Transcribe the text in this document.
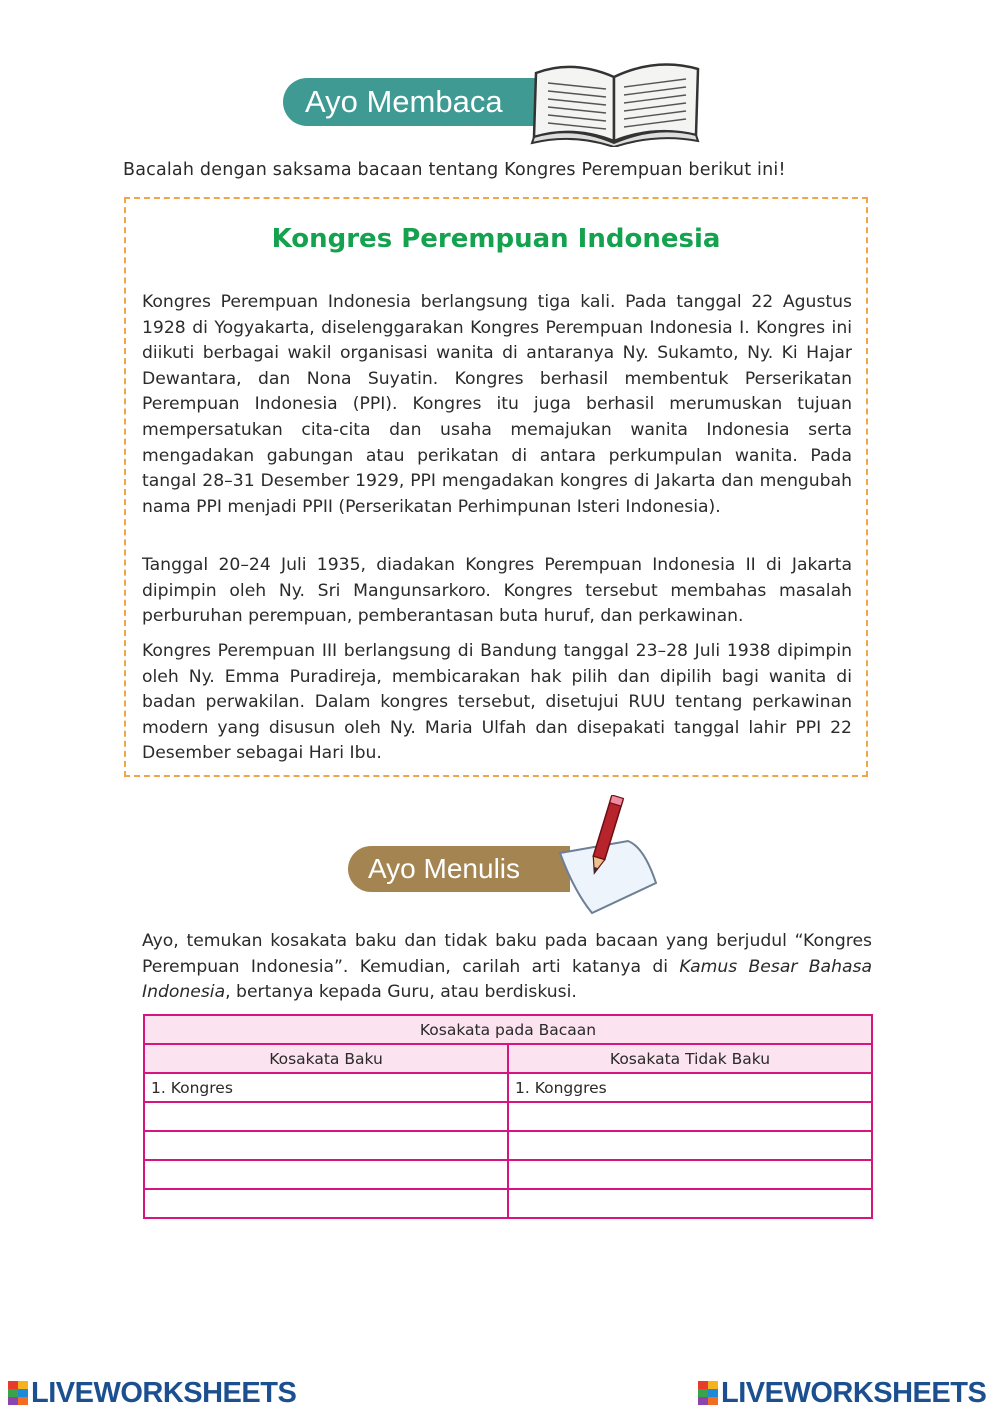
Ayo Membaca
Bacalah dengan saksama bacaan tentang Kongres Perempuan berikut ini!
Kongres Perempuan Indonesia
Kongres Perempuan Indonesia berlangsung tiga kali. Pada tanggal 22 Agustus 1928 di Yogyakarta, diselenggarakan Kongres Perempuan Indonesia I. Kongres ini diikuti berbagai wakil organisasi wanita di antaranya Ny. Sukamto, Ny. Ki Hajar Dewantara, dan Nona Suyatin. Kongres berhasil membentuk Perserikatan Perempuan Indonesia (PPI). Kongres itu juga berhasil merumuskan tujuan mempersatukan cita-cita dan usaha memajukan wanita Indonesia serta mengadakan gabungan atau perikatan di antara perkumpulan wanita. Pada tangal 28–31 Desember 1929, PPI mengadakan kongres di Jakarta dan mengubah nama PPI menjadi PPII (Perserikatan Perhimpunan Isteri Indonesia).
Tanggal 20–24 Juli 1935, diadakan Kongres Perempuan Indonesia II di Jakarta dipimpin oleh Ny. Sri Mangunsarkoro. Kongres tersebut membahas masalah perburuhan perempuan, pemberantasan buta huruf, dan perkawinan.
Kongres Perempuan III berlangsung di Bandung tanggal 23–28 Juli 1938 dipimpin oleh Ny. Emma Puradireja, membicarakan hak pilih dan dipilih bagi wanita di badan perwakilan. Dalam kongres tersebut, disetujui RUU tentang perkawinan modern yang disusun oleh Ny. Maria Ulfah dan disepakati tanggal lahir PPI 22 Desember sebagai Hari Ibu.
Ayo Menulis
Ayo, temukan kosakata baku dan tidak baku pada bacaan yang berjudul “Kongres Perempuan Indonesia”. Kemudian, carilah arti katanya di Kamus Besar Bahasa Indonesia, bertanya kepada Guru, atau berdiskusi.
Kosakata pada Bacaan	
Kosakata Baku	Kosakata Tidak Baku
1. Kongres	1. Konggres

LIVEWORKSHEETS	LIVEWORKSHEETS
